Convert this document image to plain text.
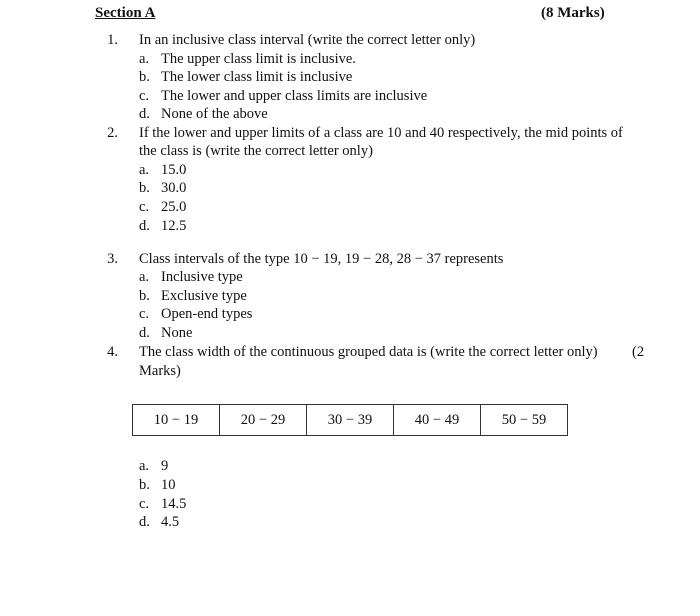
Section A	(8 Marks)
1. In an inclusive class interval (write the correct letter only)
a. The upper class limit is inclusive.
b. The lower class limit is inclusive
c. The lower and upper class limits are inclusive
d. None of the above
2. If the lower and upper limits of a class are 10 and 40 respectively, the mid points of
the class is (write the correct letter only)
a. 15.0
b. 30.0
c. 25.0
d. 12.5
3. Class intervals of the type 10 − 19, 19 − 28, 28 − 37 represents
a. Inclusive type
b. Exclusive type
c. Open-end types
d. None
4. The class width of the continuous grouped data is (write the correct letter only) (2
Marks)
10 − 19	20 − 29	30 − 39	40 − 49	50 − 59
a. 9
b. 10
c. 14.5
d. 4.5
